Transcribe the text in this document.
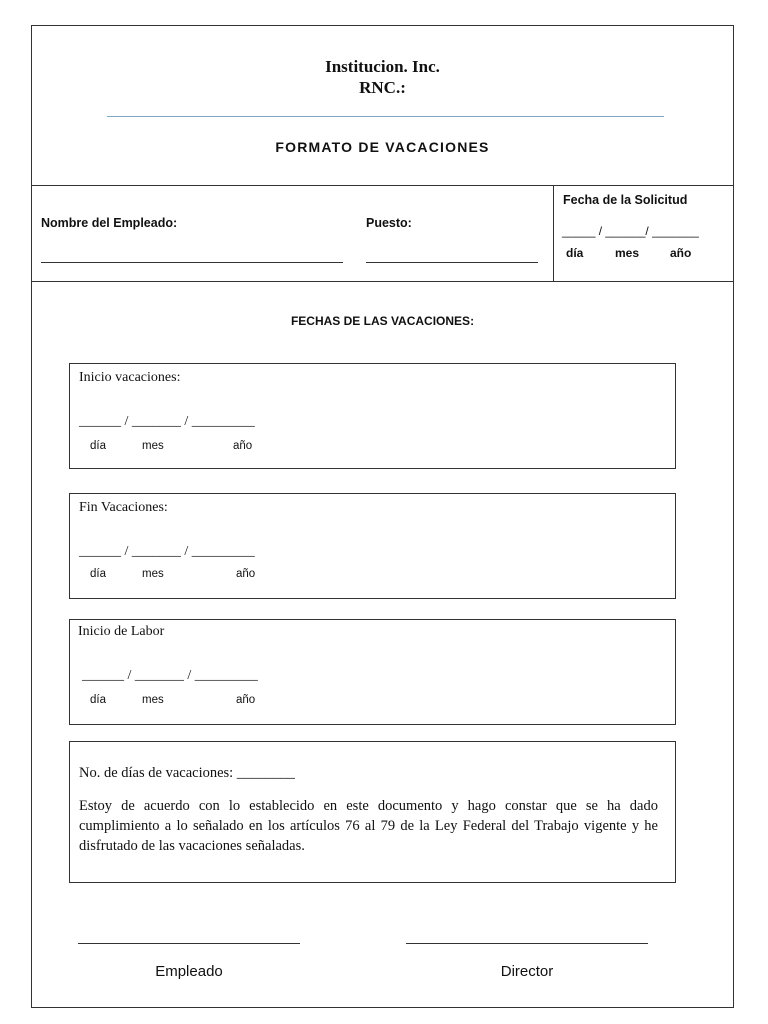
Institucion. Inc.
RNC.:
FORMATO DE VACACIONES
Nombre del Empleado:	Puesto:
Fecha de la Solicitud
_____ / ______/ _______
día	mes	año
FECHAS DE LAS VACACIONES:
Inicio vacaciones:
______ / _______ / _________
día	mes	año
Fin Vacaciones:
______ / _______ / _________
día	mes	año
Inicio de Labor
______ / _______ / _________
día	mes	año
No. de días de vacaciones: ________
Estoy de acuerdo con lo establecido en este documento y hago constar que se ha dado cumplimiento a lo señalado en los artículos 76 al 79 de la Ley Federal del Trabajo vigente y he disfrutado de las vacaciones señaladas.
Empleado	Director
